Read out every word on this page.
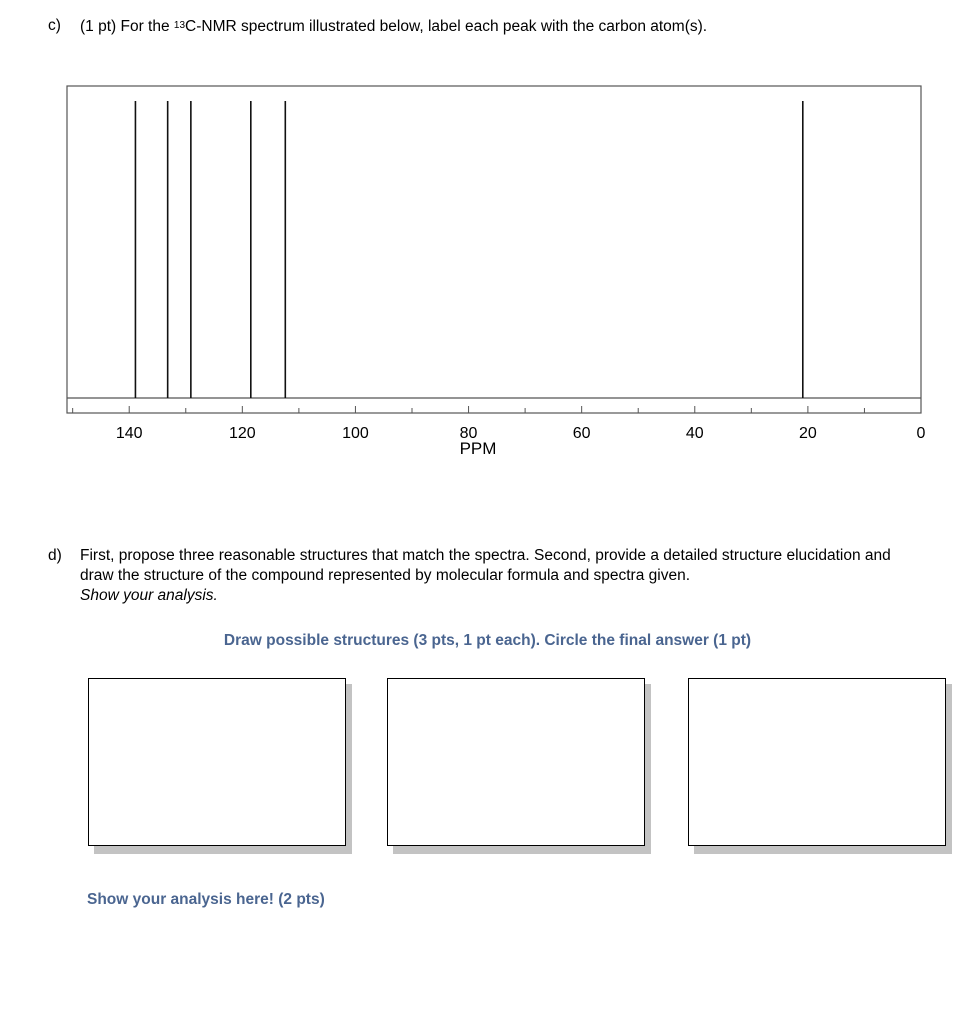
c) (1 pt) For the $^{13}$C-NMR spectrum illustrated below, label each peak with the carbon atom(s).
140	120	100	80	60	40	20	0
PPM
d) First, propose three reasonable structures that match the spectra. Second, provide a detailed structure elucidation and draw the structure of the compound represented by molecular formula and spectra given.
Show your analysis.
Draw possible structures (3 pts, 1 pt each). Circle the final answer (1 pt)
Show your analysis here! (2 pts)
